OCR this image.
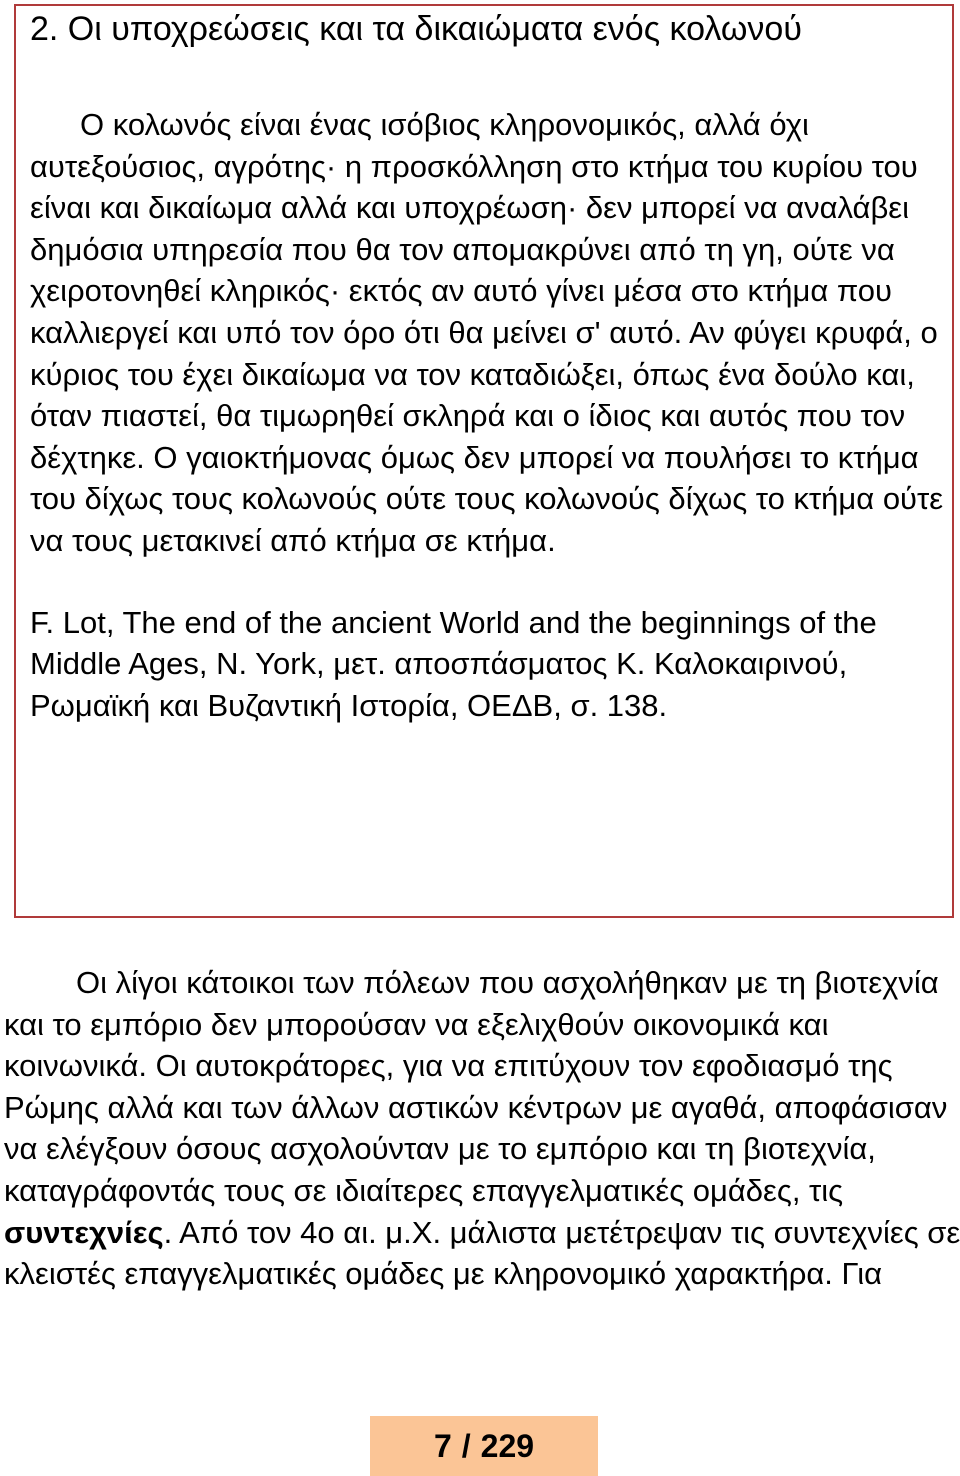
2. Οι υποχρεώσεις και τα δικαιώματα ενός κολωνού

Ο κολωνός είναι ένας ισόβιος κληρονομικός, αλλά όχι αυτεξούσιος, αγρότης· η προσκόλληση στο κτήμα του κυρίου του είναι και δικαίωμα αλλά και υποχρέωση· δεν μπορεί να αναλάβει δημόσια υπηρεσία που θα τον απομακρύνει από τη γη, ούτε να χειροτονηθεί κληρικός· εκτός αν αυτό γίνει μέσα στο κτήμα που καλλιεργεί και υπό τον όρο ότι θα μείνει σ' αυτό. Αν φύγει κρυφά, ο κύριος του έχει δικαίωμα να τον καταδιώξει, όπως ένα δούλο και, όταν πιαστεί, θα τιμωρηθεί σκληρά και ο ίδιος και αυτός που τον δέχτηκε. Ο γαιοκτήμονας όμως δεν μπορεί να πουλήσει το κτήμα του δίχως τους κολωνούς ούτε τους κολωνούς δίχως το κτήμα ούτε να τους μετακινεί από κτήμα σε κτήμα.

F. Lot, The end of the ancient World and the beginnings of the Middle Ages, N. York, μετ. αποσπάσματος Κ. Καλοκαιρινού, Ρωμαϊκή και Βυζαντική Ιστορία, ΟΕΔΒ, σ. 138.

Οι λίγοι κάτοικοι των πόλεων που ασχολήθηκαν με τη βιοτεχνία και το εμπόριο δεν μπορούσαν να εξελιχθούν οικονομικά και κοινωνικά. Οι αυτοκράτορες, για να επιτύχουν τον εφοδιασμό της Ρώμης αλλά και των άλλων αστικών κέντρων με αγαθά, αποφάσισαν να ελέγξουν όσους ασχολούνταν με το εμπόριο και τη βιοτεχνία, καταγράφοντάς τους σε ιδιαίτερες επαγγελματικές ομάδες, τις συντεχνίες. Από τον 4ο αι. μ.Χ. μάλιστα μετέτρεψαν τις συντεχνίες σε κλειστές επαγγελματικές ομάδες με κληρονομικό χαρακτήρα. Για

7 / 229
